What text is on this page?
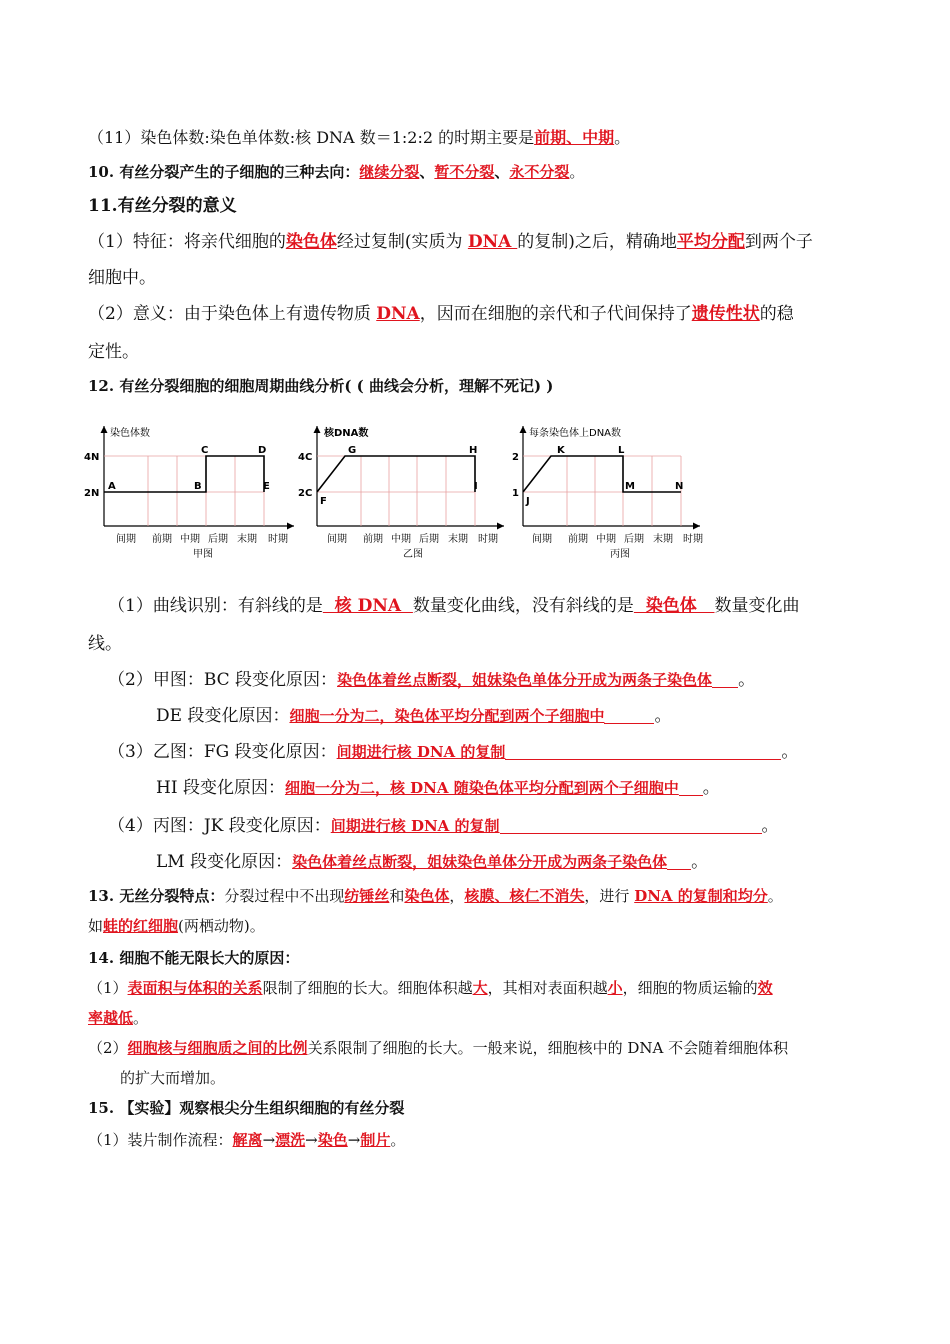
（11）染色体数:染色单体数:核 DNA 数＝1:2:2 的时期主要是前期、中期。
10. 有丝分裂产生的子细胞的三种去向：继续分裂、暂不分裂、永不分裂。
11.有丝分裂的意义
（1）特征：将亲代细胞的染色体经过复制(实质为 DNA 的复制)之后，精确地平均分配到两个子
细胞中。
（2）意义：由于染色体上有遗传物质 DNA，因而在细胞的亲代和子代间保持了遗传性状的稳
定性。
12. 有丝分裂细胞的细胞周期曲线分析( ( 曲线会分析，理解不死记) )
染色体数
4N
2N
A	B
C	D
E
间期 前期 中期 后期 末期 时期
甲图
核DNA数
4C
2C
F
G	H
I
间期 前期 中期 后期 末期 时期
乙图
每条染色体上DNA数
2
1
J
K	L
M	N
间期 前期 中期 后期 末期 时期
丙图
（1）曲线识别：有斜线的是  核 DNA  数量变化曲线，没有斜线的是  染色体   数量变化曲
线。
（2）甲图：BC 段变化原因：染色体着丝点断裂，姐妹染色单体分开成为两条子染色体 。
DE 段变化原因：细胞一分为二，染色体平均分配到两个子细胞中	。
（3）乙图：FG 段变化原因：间期进行核 DNA 的复制	。
HI 段变化原因：细胞一分为二，核 DNA 随染色体平均分配到两个子细胞中 。
（4）丙图：JK 段变化原因：间期进行核 DNA 的复制	。
LM 段变化原因：染色体着丝点断裂，姐妹染色单体分开成为两条子染色体 。
13. 无丝分裂特点：分裂过程中不出现纺锤丝和染色体，核膜、核仁不消失，进行 DNA 的复制和均分。
如蛙的红细胞(两栖动物)。
14. 细胞不能无限长大的原因：
（1）表面积与体积的关系限制了细胞的长大。细胞体积越大，其相对表面积越小，细胞的物质运输的效
率越低。
（2）细胞核与细胞质之间的比例关系限制了细胞的长大。一般来说，细胞核中的 DNA 不会随着细胞体积
的扩大而增加。
15. 【实验】观察根尖分生组织细胞的有丝分裂
（1）装片制作流程：解离→漂洗→染色→制片。
